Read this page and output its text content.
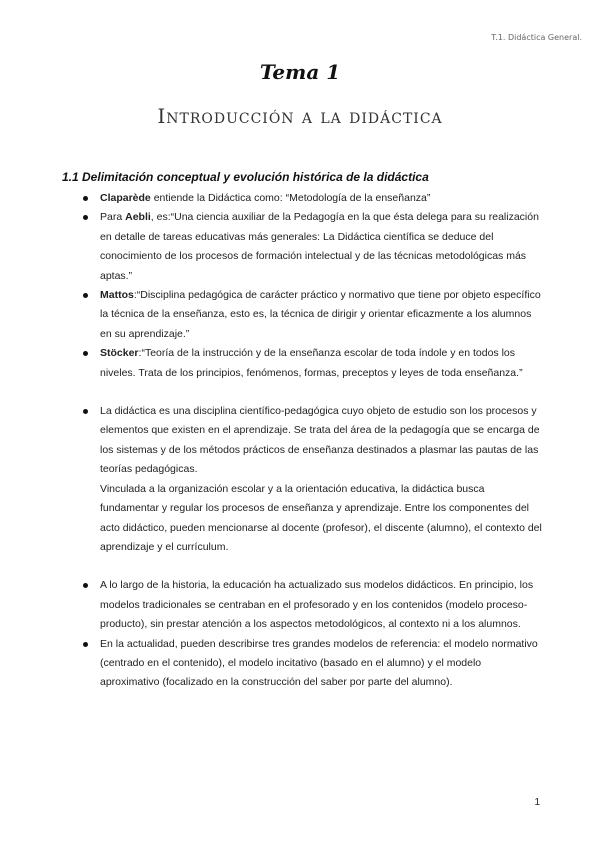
T.1. Didáctica General.
Tema 1
Introducción a la didáctica
1.1 Delimitación conceptual y evolución histórica de la didáctica
Claparède entiende la Didáctica como: “Metodología de la enseñanza”
Para Aebli, es:“Una ciencia auxiliar de la Pedagogía en la que ésta delega para su realización en detalle de tareas educativas más generales: La Didáctica científica se deduce del conocimiento de los procesos de formación intelectual y de las técnicas metodológicas más aptas.”
Mattos:“Disciplina pedagógica de carácter práctico y normativo que tiene por objeto específico la técnica de la enseñanza, esto es, la técnica de dirigir y orientar eficazmente a los alumnos en su aprendizaje.”
Stöcker:“Teoría de la instrucción y de la enseñanza escolar de toda índole y en todos los niveles. Trata de los principios, fenómenos, formas, preceptos y leyes de toda enseñanza.”
La didáctica es una disciplina científico-pedagógica cuyo objeto de estudio son los procesos y elementos que existen en el aprendizaje. Se trata del área de la pedagogía que se encarga de los sistemas y de los métodos prácticos de enseñanza destinados a plasmar las pautas de las teorías pedagógicas.
Vinculada a la organización escolar y a la orientación educativa, la didáctica busca fundamentar y regular los procesos de enseñanza y aprendizaje. Entre los componentes del acto didáctico, pueden mencionarse al docente (profesor), el discente (alumno), el contexto del aprendizaje y el currículum.
A lo largo de la historia, la educación ha actualizado sus modelos didácticos. En principio, los modelos tradicionales se centraban en el profesorado y en los contenidos (modelo proceso-producto), sin prestar atención a los aspectos metodológicos, al contexto ni a los alumnos.
En la actualidad, pueden describirse tres grandes modelos de referencia: el modelo normativo (centrado en el contenido), el modelo incitativo (basado en el alumno) y el modelo aproximativo (focalizado en la construcción del saber por parte del alumno).
1
